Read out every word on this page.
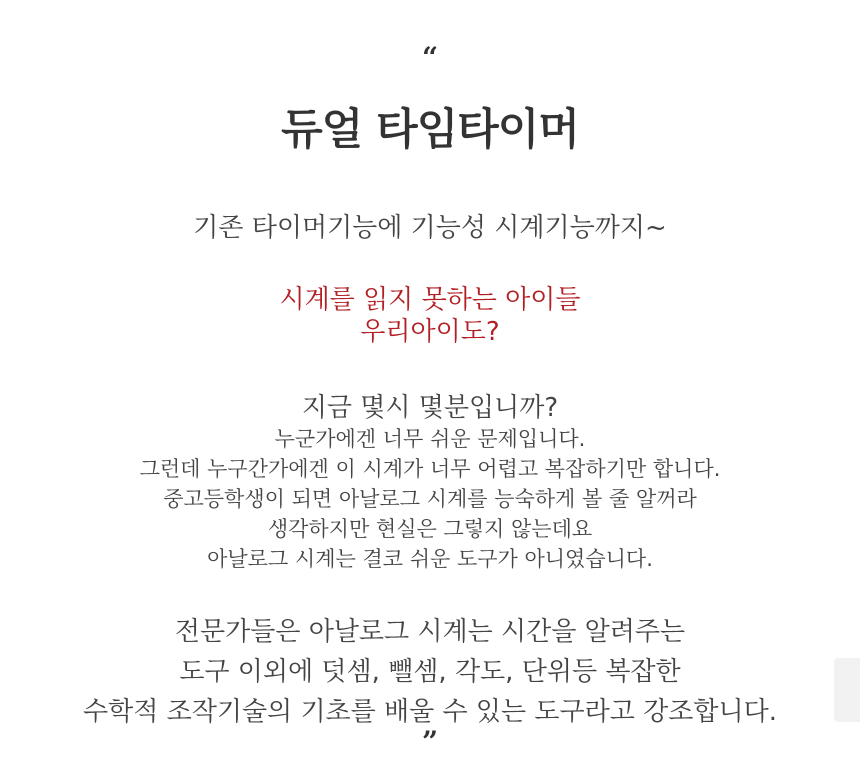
“
듀얼 타임타이머
기존 타이머기능에 기능성 시계기능까지~
시계를 읽지 못하는 아이들
우리아이도?
지금 몇시 몇분입니까?
누군가에겐 너무 쉬운 문제입니다.
그런데 누구간가에겐 이 시계가 너무 어렵고 복잡하기만 합니다.
중고등학생이 되면 아날로그 시계를 능숙하게 볼 줄 알꺼라
생각하지만 현실은 그렇지 않는데요
아날로그 시계는 결코 쉬운 도구가 아니였습니다.
전문가들은 아날로그 시계는 시간을 알려주는
도구 이외에 덧셈, 뺄셈, 각도, 단위등 복잡한
수학적 조작기술의 기초를 배울 수 있는 도구라고 강조합니다.
”
